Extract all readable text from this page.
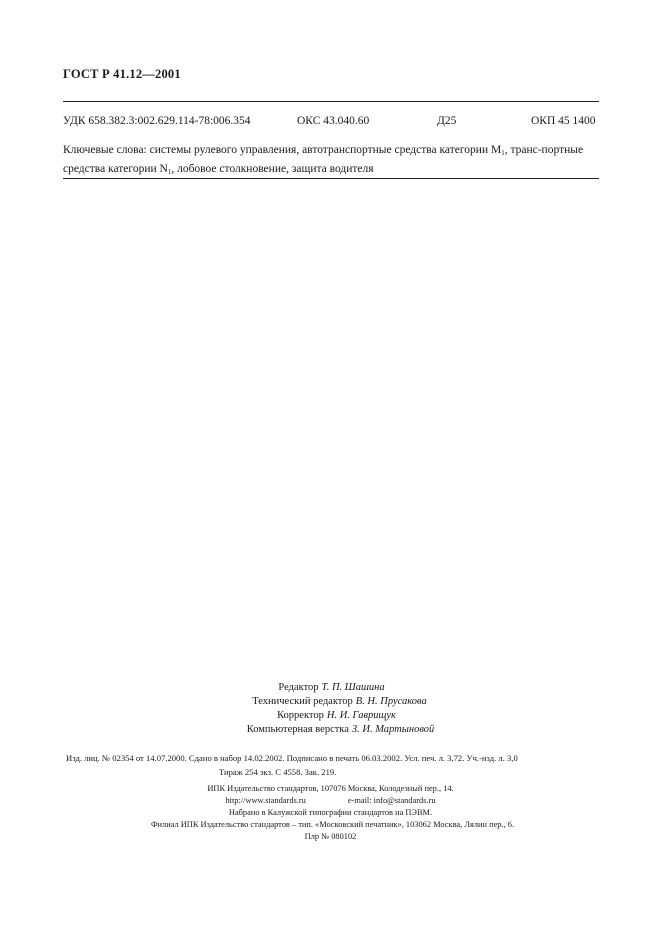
ГОСТ Р 41.12—2001
УДК 658.382.3:002.629.114-78:006.354	ОКС 43.040.60	Д25	ОКП 45 1400
Ключевые слова: системы рулевого управления, автотранспортные средства категории $М_1$, транс-портные средства категории $N_1$, лобовое столкновение, защита водителя
Редактор Т. П. Шашина
Технический редактор В. Н. Прусакова
Корректор Н. И. Гаврищук
Компьютерная верстка З. И. Мартыновой
Изд. лиц. № 02354 от 14.07.2000. Сдано в набор 14.02.2002. Подписано в печать 06.03.2002. Усл. печ. л. 3,72. Уч.-изд. л. 3,0
Тираж 254 экз. С 4558. Зак. 219.
ИПК Издательство стандартов, 107076 Москва, Колодезный пер., 14.
http://www.standards.ru	e-mail: info@standards.ru
Набрано в Калужской типографии стандартов на ПЭВМ.
Филиал ИПК Издательство стандартов – тип. «Московский печатник», 103062 Москва, Лялин пер., 6.
Плр № 080102
